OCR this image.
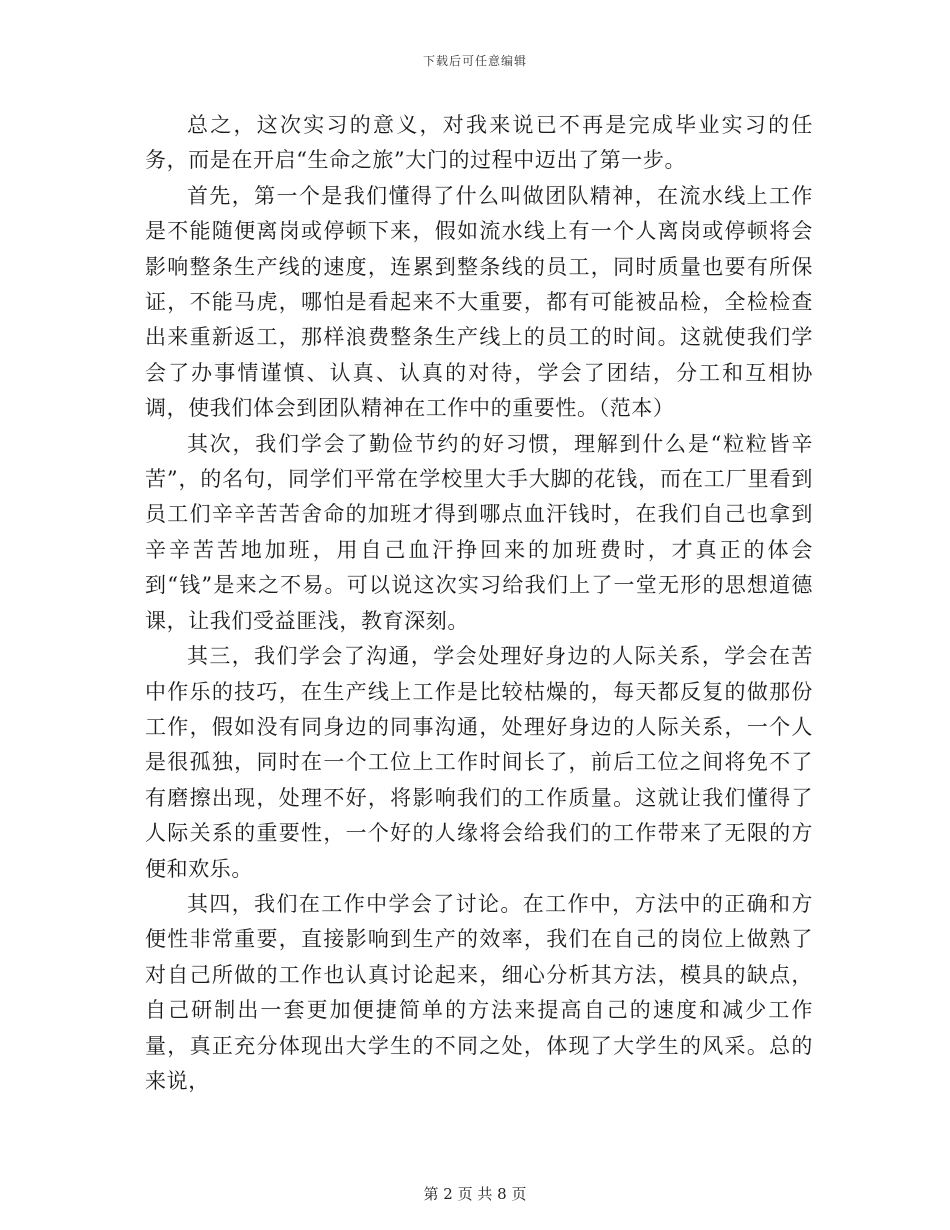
下载后可任意编辑

总之，这次实习的意义，对我来说已不再是完成毕业实习的任务，而是在开启“生命之旅”大门的过程中迈出了第一步。

首先，第一个是我们懂得了什么叫做团队精神，在流水线上工作是不能随便离岗或停顿下来，假如流水线上有一个人离岗或停顿将会影响整条生产线的速度，连累到整条线的员工，同时质量也要有所保证，不能马虎，哪怕是看起来不大重要，都有可能被品检，全检检查出来重新返工，那样浪费整条生产线上的员工的时间。这就使我们学会了办事情谨慎、认真、认真的对待，学会了团结，分工和互相协调，使我们体会到团队精神在工作中的重要性。（范本）

其次，我们学会了勤俭节约的好习惯，理解到什么是“粒粒皆辛苦”，的名句，同学们平常在学校里大手大脚的花钱，而在工厂里看到员工们辛辛苦苦舍命的加班才得到哪点血汗钱时，在我们自己也拿到辛辛苦苦地加班，用自己血汗挣回来的加班费时，才真正的体会到“钱”是来之不易。可以说这次实习给我们上了一堂无形的思想道德课，让我们受益匪浅，教育深刻。

其三，我们学会了沟通，学会处理好身边的人际关系，学会在苦中作乐的技巧，在生产线上工作是比较枯燥的，每天都反复的做那份工作，假如没有同身边的同事沟通，处理好身边的人际关系，一个人是很孤独，同时在一个工位上工作时间长了，前后工位之间将免不了有磨擦出现，处理不好，将影响我们的工作质量。这就让我们懂得了人际关系的重要性，一个好的人缘将会给我们的工作带来了无限的方便和欢乐。

其四，我们在工作中学会了讨论。在工作中，方法中的正确和方便性非常重要，直接影响到生产的效率，我们在自己的岗位上做熟了对自己所做的工作也认真讨论起来，细心分析其方法，模具的缺点，自己研制出一套更加便捷简单的方法来提高自己的速度和减少工作量，真正充分体现出大学生的不同之处，体现了大学生的风采。总的来说，

第 2 页 共 8 页
